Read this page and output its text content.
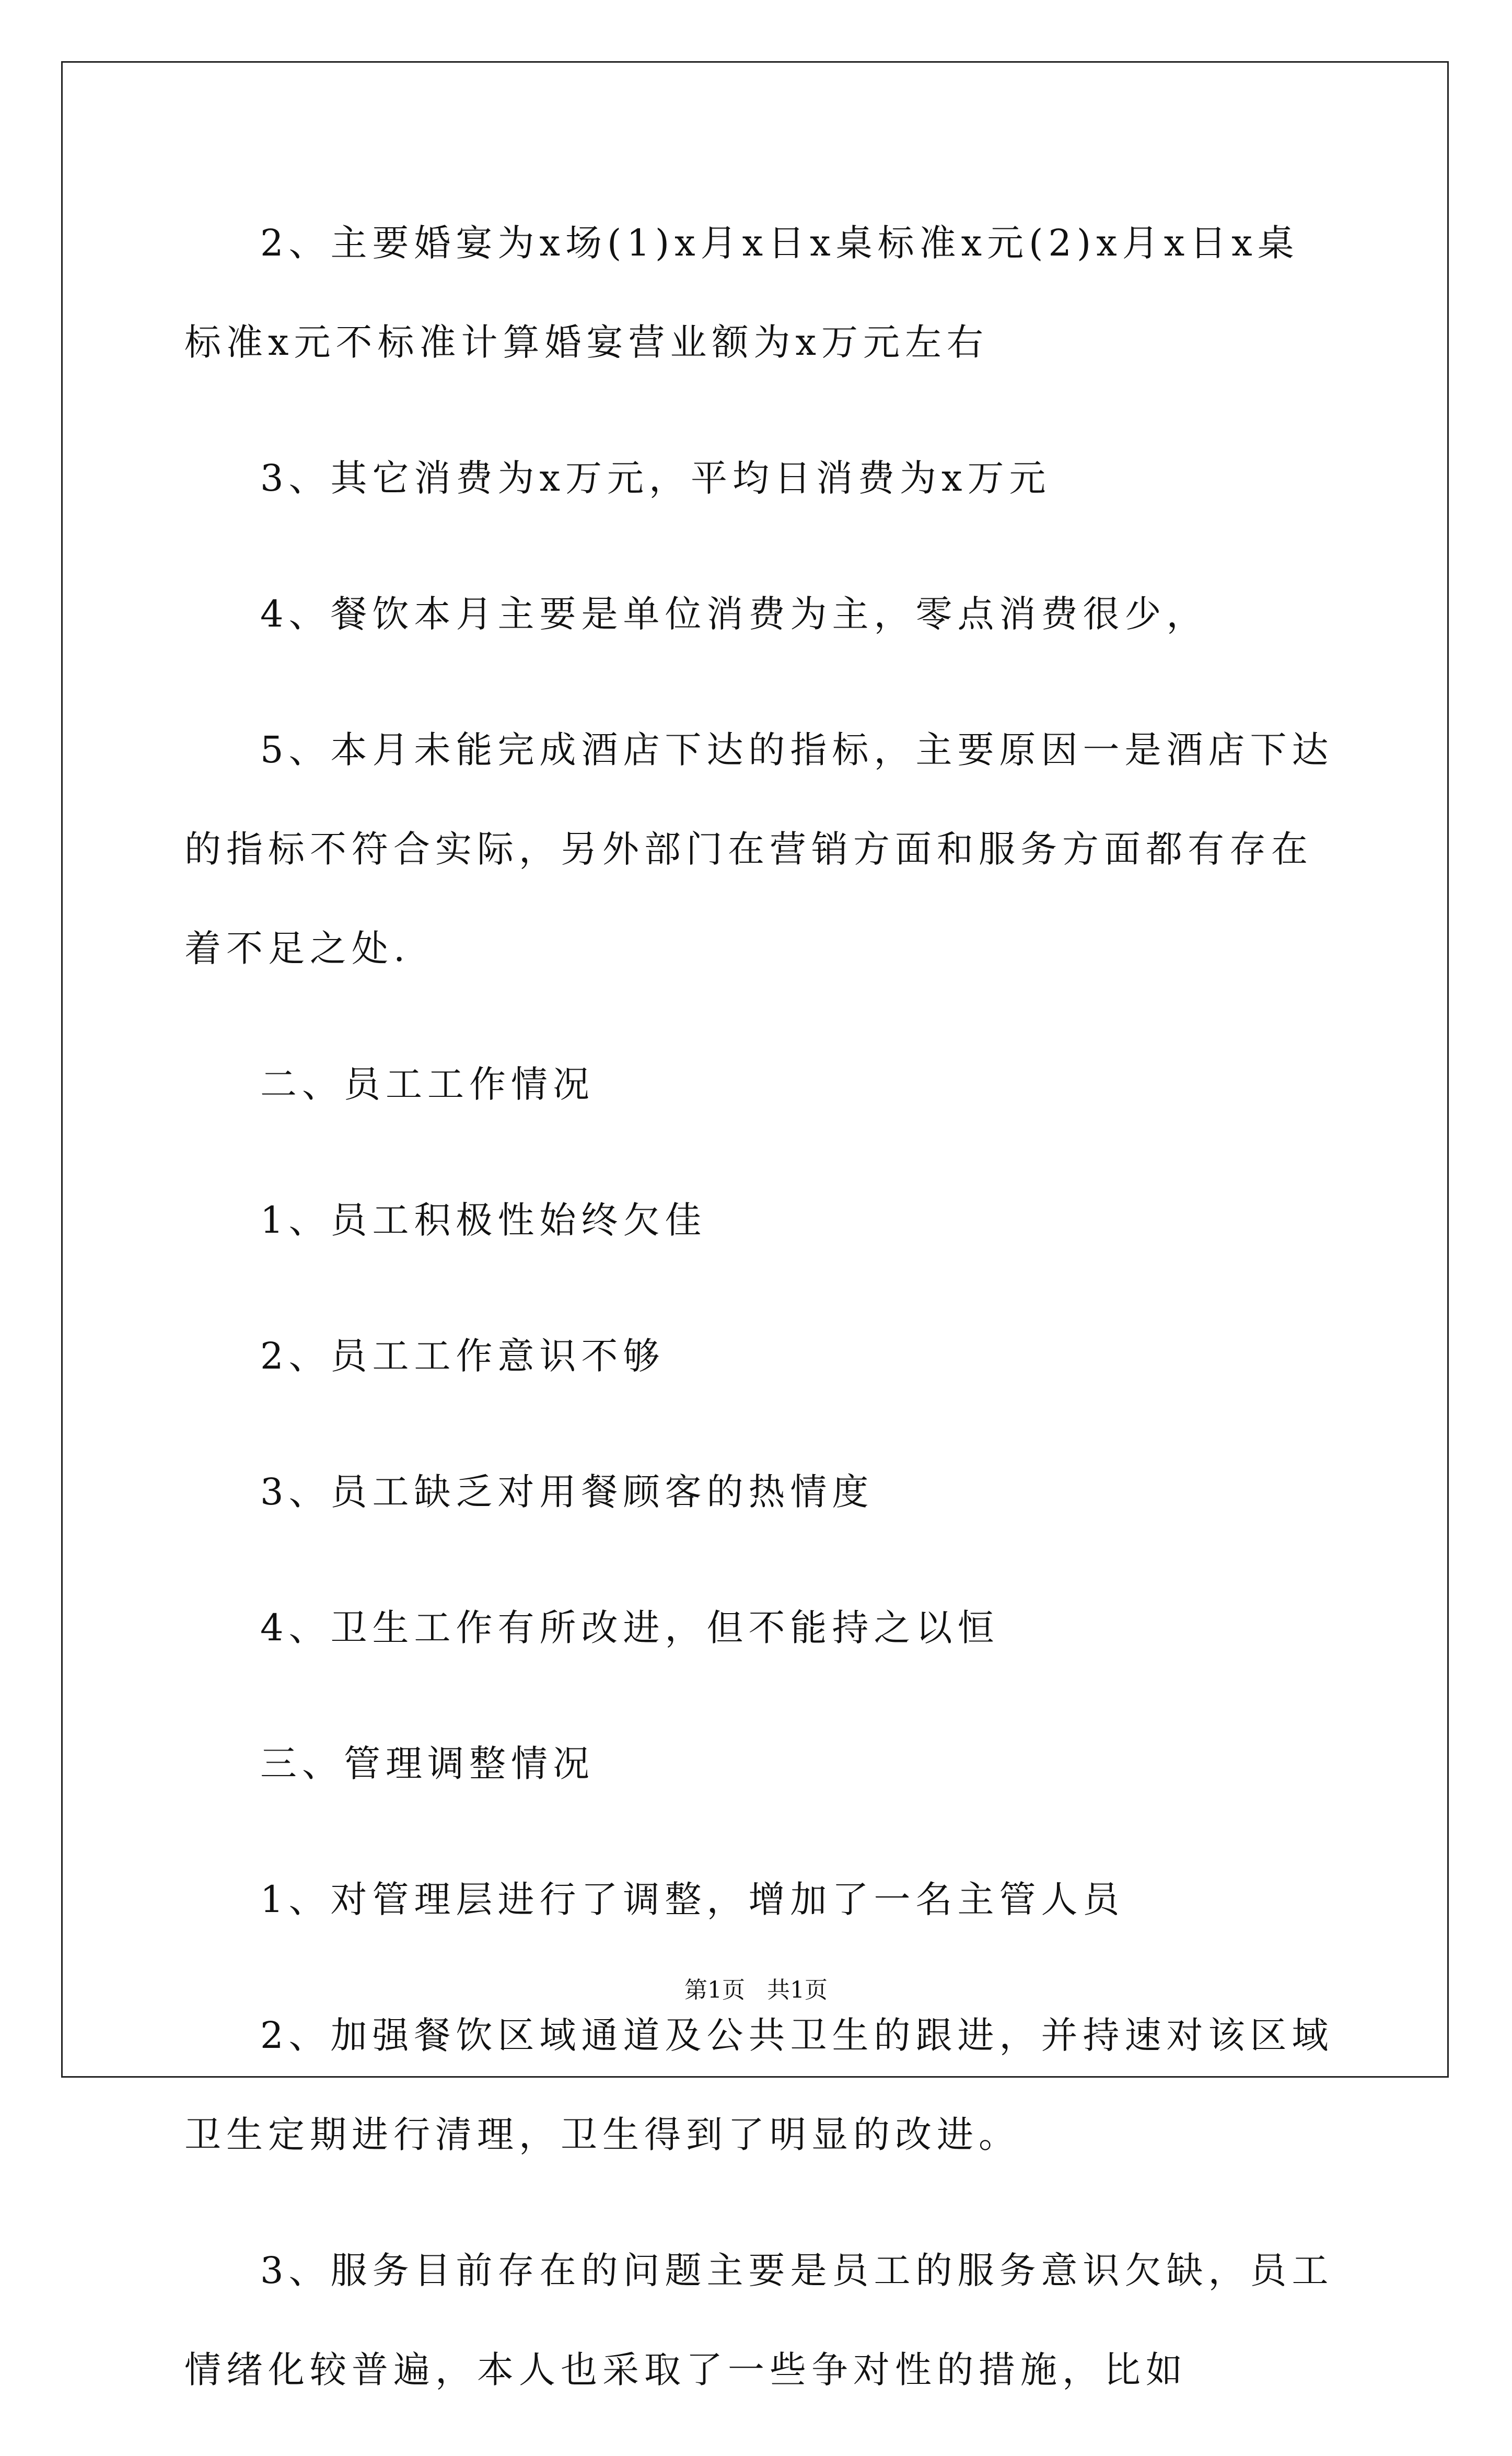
2、主要婚宴为x场(1)x月x日x桌标准x元(2)x月x日x桌标准x元不标准计算婚宴营业额为x万元左右

3、其它消费为x万元，平均日消费为x万元

4、餐饮本月主要是单位消费为主，零点消费很少，

5、本月未能完成酒店下达的指标，主要原因一是酒店下达的指标不符合实际，另外部门在营销方面和服务方面都有存在着不足之处.

二、员工工作情况

1、员工积极性始终欠佳

2、员工工作意识不够

3、员工缺乏对用餐顾客的热情度

4、卫生工作有所改进，但不能持之以恒

三、管理调整情况

1、对管理层进行了调整，增加了一名主管人员

2、加强餐饮区域通道及公共卫生的跟进，并持速对该区域卫生定期进行清理，卫生得到了明显的改进。

3、服务目前存在的问题主要是员工的服务意识欠缺，员工情绪化较普遍，本人也采取了一些争对性的措施，比如

第1页   共1页
